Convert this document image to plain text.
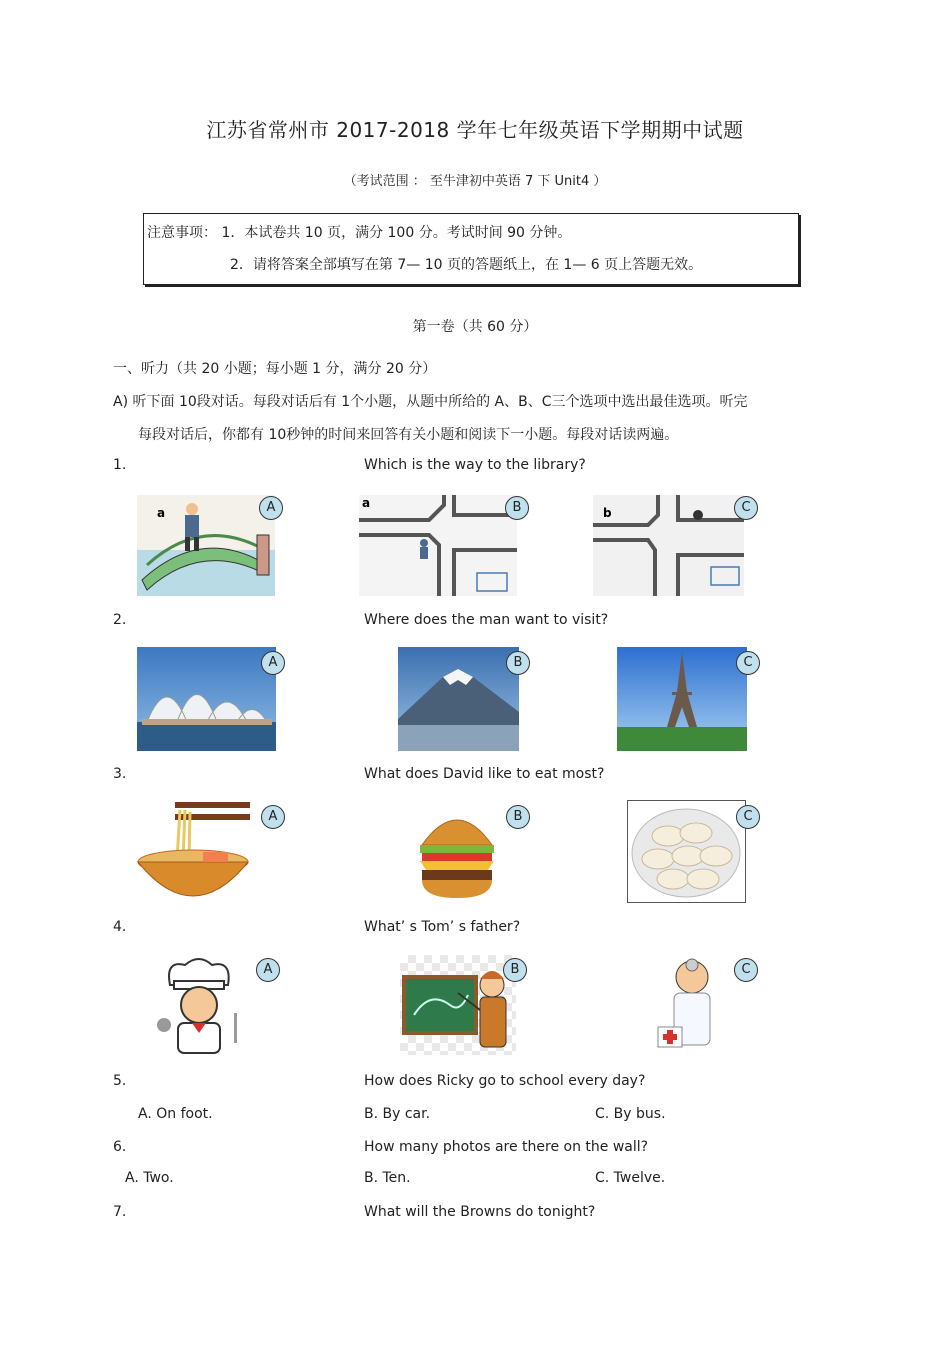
江苏省常州市 2017-2018 学年七年级英语下学期期中试题
（考试范围 ： 至牛津初中英语 7 下 Unit4 ）
注意事项： 1．本试卷共 10 页，满分 100 分。考试时间 90 分钟。
2．请将答案全部填写在第 7— 10 页的答题纸上，在 1— 6 页上答题无效。
第一卷（共 60 分）
一、听力（共 20 小题；每小题 1 分，满分 20 分）
A) 听下面 10段对话。每段对话后有 1个小题，从题中所给的 A、B、C三个选项中选出最佳选项。听完
每段对话后，你都有 10秒钟的时间来回答有关小题和阅读下一小题。每段对话读两遍。
1.	Which is the way to the library?
a	A	a	B	b	C
2.	Where does the man want to visit?
A	B	C
3.	What does David like to eat most?
A	B	C
4.	What’ s Tom’ s father?
A	B	C
5.	How does Ricky go to school every day?
A. On foot.	B. By car.	C. By bus.
6.	How many photos are there on the wall?
A. Two.	B. Ten.	C. Twelve.
7.	What will the Browns do tonight?
